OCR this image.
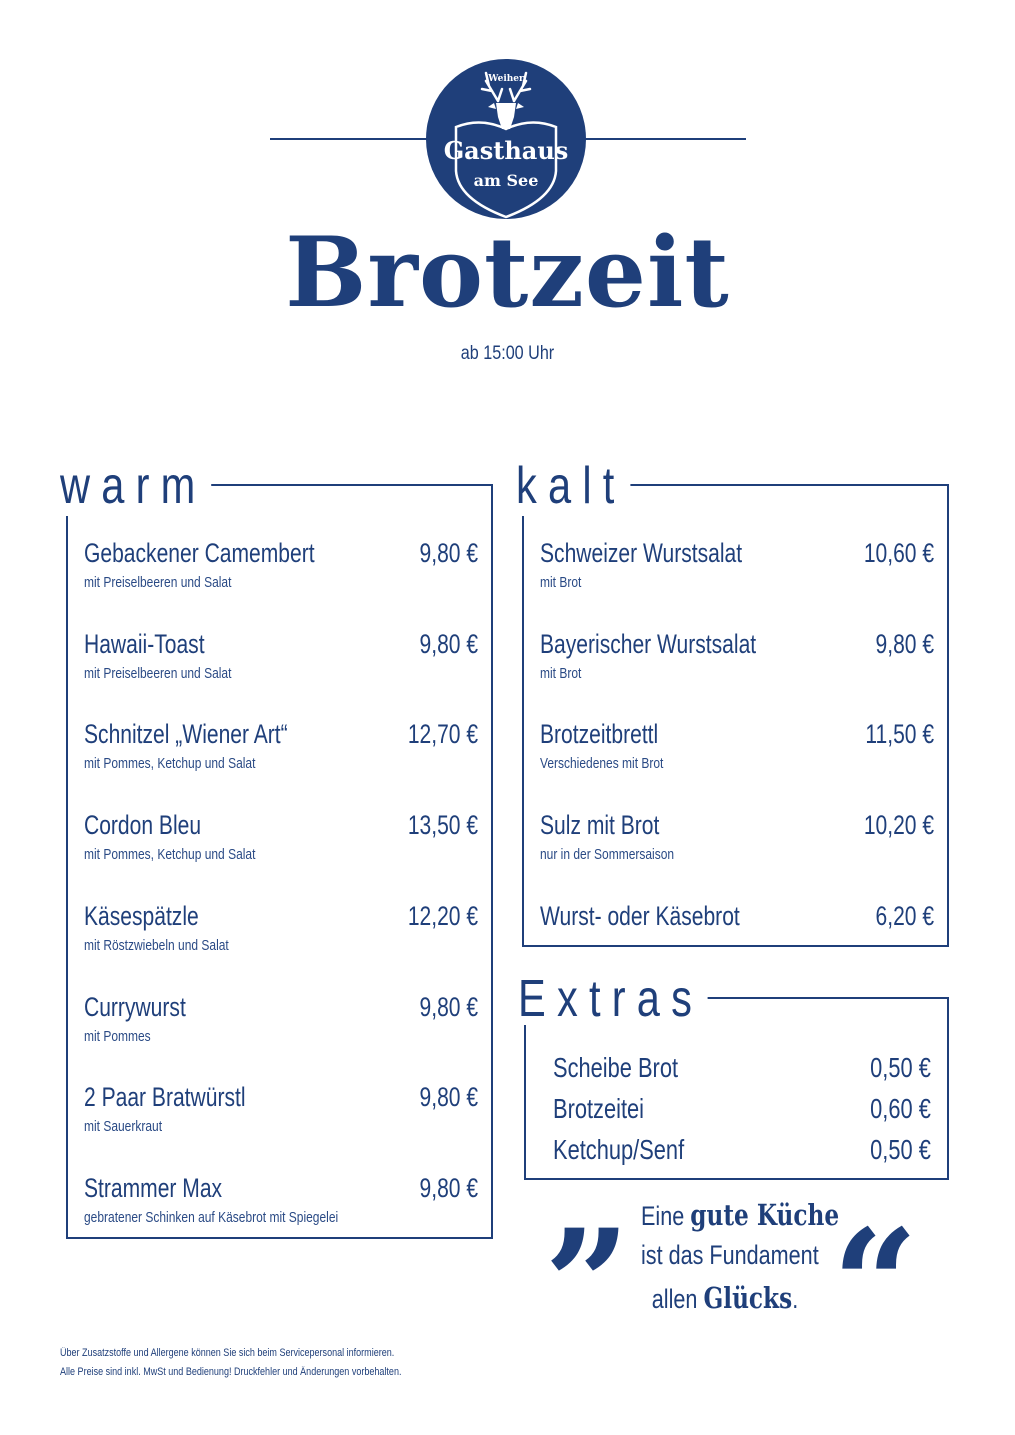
Weiher
Gasthaus
am See
Brotzeit
ab 15:00 Uhr
warm
Gebackener Camembert	9,80 €
mit Preiselbeeren und Salat
Hawaii-Toast	9,80 €
mit Preiselbeeren und Salat
Schnitzel „Wiener Art“	12,70 €
mit Pommes, Ketchup und Salat
Cordon Bleu	13,50 €
mit Pommes, Ketchup und Salat
Käsespätzle	12,20 €
mit Röstzwiebeln und Salat
Currywurst	9,80 €
mit Pommes
2 Paar Bratwürstl	9,80 €
mit Sauerkraut
Strammer Max	9,80 €
gebratener Schinken auf Käsebrot mit Spiegelei
kalt
Schweizer Wurstsalat	10,60 €
mit Brot
Bayerischer Wurstsalat	9,80 €
mit Brot
Brotzeitbrettl	11,50 €
Verschiedenes mit Brot
Sulz mit Brot	10,20 €
nur in der Sommersaison
Wurst- oder Käsebrot	6,20 €
Extras
Scheibe Brot	0,50 €
Brotzeitei	0,60 €
Ketchup/Senf	0,50 €
” “
Eine gute Küche
ist das Fundament
allen Glücks.
Über Zusatzstoffe und Allergene können Sie sich beim Servicepersonal informieren.
Alle Preise sind inkl. MwSt und Bedienung! Druckfehler und Änderungen vorbehalten.
